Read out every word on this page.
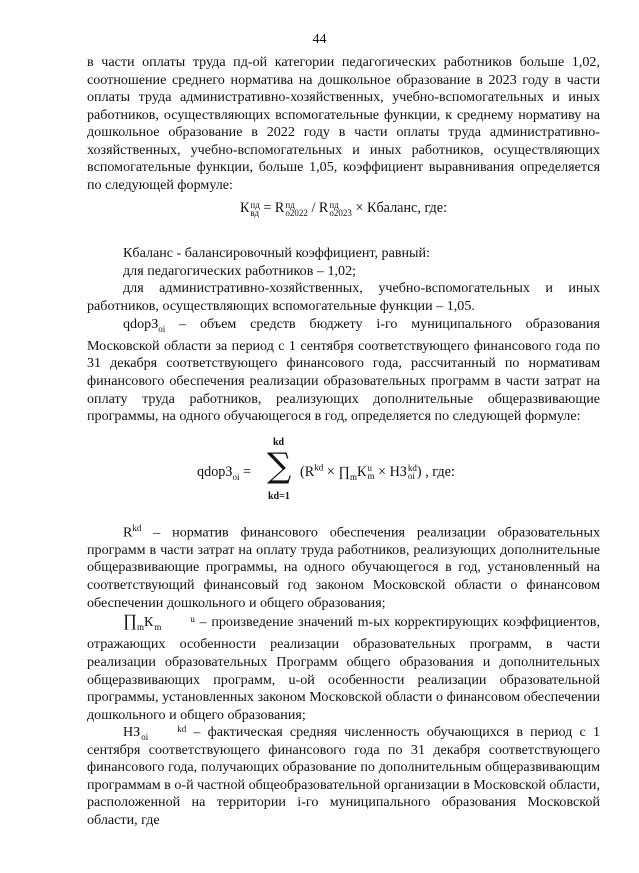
44

в части оплаты труда пд-ой категории педагогических работников больше 1,02, соотношение среднего норматива на дошкольное образование в 2023 году в части оплаты труда административно-хозяйственных, учебно-вспомогательных и иных работников, осуществляющих вспомогательные функции, к среднему нормативу на дошкольное образование в 2022 году в части оплаты труда административно-хозяйственных, учебно-вспомогательных и иных работников, осуществляющих вспомогательные функции, больше 1,05, коэффициент выравнивания определяется по следующей формуле:

Кпд
вд = Rпд
о2022 / Rпд
о2023 × Кбаланс, где:

Кбаланс - балансировочный коэффициент, равный:

для педагогических работников – 1,02;

для административно-хозяйственных, учебно-вспомогательных и иных работников, осуществляющих вспомогательные функции – 1,05.

qdopЗ$_{oi}$ – объем средств бюджету i-го муниципального образования Московской области за период с 1 сентября соответствующего финансового года по 31 декабря соответствующего финансового года, рассчитанный по нормативам финансового обеспечения реализации образовательных программ в части затрат на оплату труда работников, реализующих дополнительные общеразвивающие программы, на одного обучающегося в год, определяется по следующей формуле:

qdopЗ$_{oi}$ =
kd
∑
kd=1
($R^{kd}$ × $\prod_mКu$
m × НЗkd
oi ) , где:

$R^{kd}$ – норматив финансового обеспечения реализации образовательных программ в части затрат на оплату труда работников, реализующих дополнительные общеразвивающие программы, на одного обучающегося в год, установленный на соответствующий финансовый год законом Московской области о финансовом обеспечении дошкольного и общего образования;

$\prod_mК$	u
m – произведение значений m-ых корректирующих коэффициентов, отражающих особенности реализации образовательных программ, в части реализации образовательных Программ общего образования и дополнительных общеразвивающих программ, u-ой особенности реализации образовательной программы, установленных законом Московской области о финансовом обеспечении дошкольного и общего образования;

НЗ	kd
oi	– фактическая средняя численность обучающихся в период с 1 сентября соответствующего финансового года по 31 декабря соответствующего финансового года, получающих образование по дополнительным общеразвивающим программам в о-й частной общеобразовательной организации в Московской области, расположенной на территории i-го муниципального образования Московской области, где
